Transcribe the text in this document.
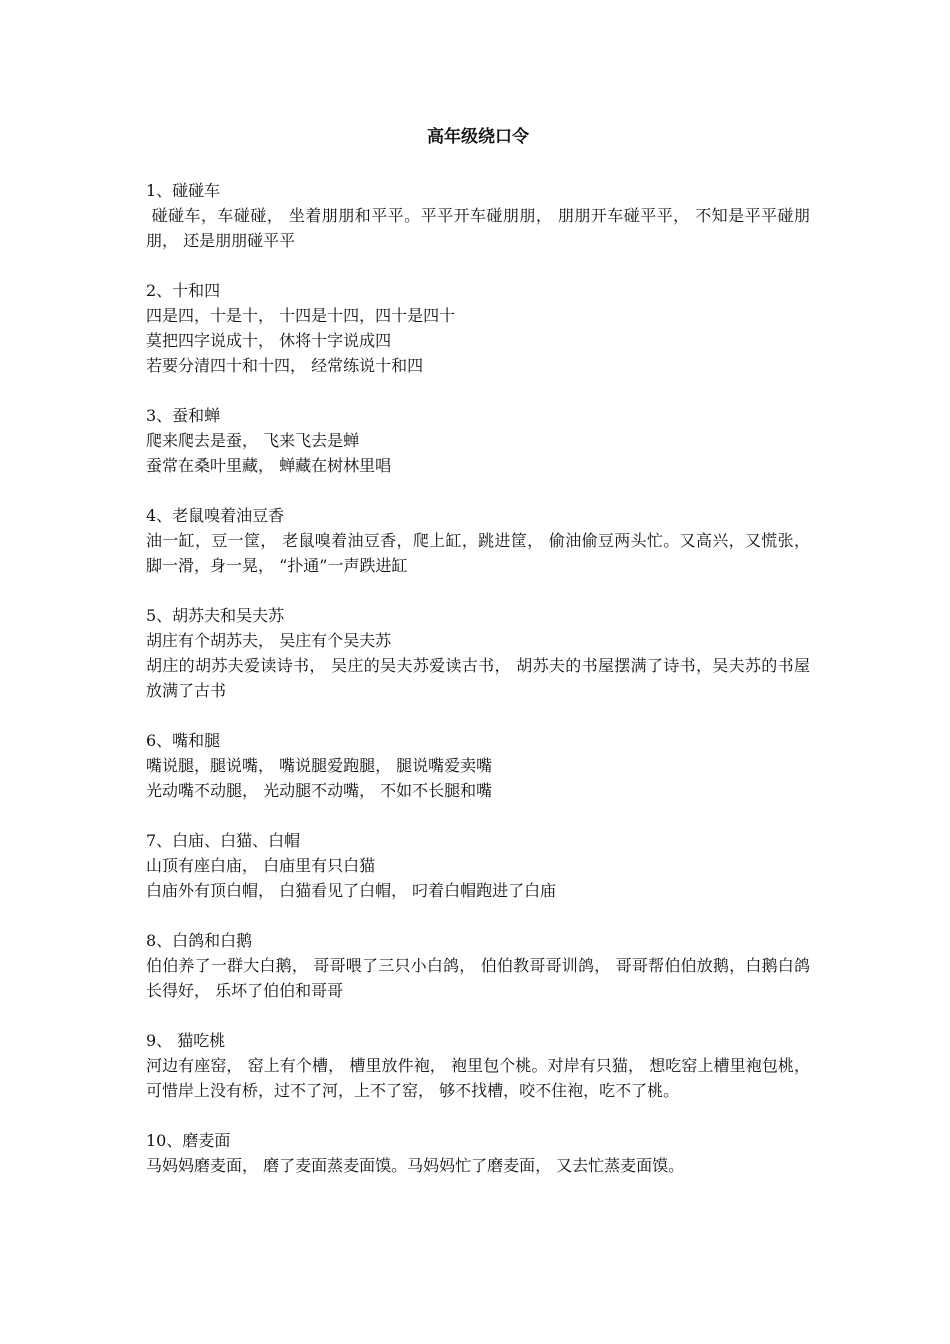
高年级绕口令

1、碰碰车

碰碰车，车碰碰， 坐着朋朋和平平。平平开车碰朋朋， 朋朋开车碰平平， 不知是平平碰朋朋， 还是朋朋碰平平

2、十和四

四是四，十是十， 十四是十四，四十是四十

莫把四字说成十， 休将十字说成四

若要分清四十和十四， 经常练说十和四

3、蚕和蝉

爬来爬去是蚕， 飞来飞去是蝉

蚕常在桑叶里藏， 蝉藏在树林里唱

4、老鼠嗅着油豆香

油一缸，豆一筐， 老鼠嗅着油豆香，爬上缸，跳进筐， 偷油偷豆两头忙。又高兴，又慌张， 脚一滑，身一晃， “扑通”一声跌进缸

5、胡苏夫和吴夫苏

胡庄有个胡苏夫， 吴庄有个吴夫苏

胡庄的胡苏夫爱读诗书， 吴庄的吴夫苏爱读古书， 胡苏夫的书屋摆满了诗书，吴夫苏的书屋放满了古书

6、嘴和腿

嘴说腿，腿说嘴， 嘴说腿爱跑腿， 腿说嘴爱卖嘴

光动嘴不动腿， 光动腿不动嘴， 不如不长腿和嘴

7、白庙、白猫、白帽

山顶有座白庙， 白庙里有只白猫

白庙外有顶白帽， 白猫看见了白帽， 叼着白帽跑进了白庙

8、白鸽和白鹅

伯伯养了一群大白鹅， 哥哥喂了三只小白鸽， 伯伯教哥哥训鸽， 哥哥帮伯伯放鹅，白鹅白鸽长得好， 乐坏了伯伯和哥哥

9、 猫吃桃

河边有座窑， 窑上有个槽， 槽里放件袍， 袍里包个桃。对岸有只猫， 想吃窑上槽里袍包桃， 可惜岸上没有桥，过不了河，上不了窑， 够不找槽，咬不住袍，吃不了桃。

10、磨麦面

马妈妈磨麦面， 磨了麦面蒸麦面馍。马妈妈忙了磨麦面， 又去忙蒸麦面馍。
